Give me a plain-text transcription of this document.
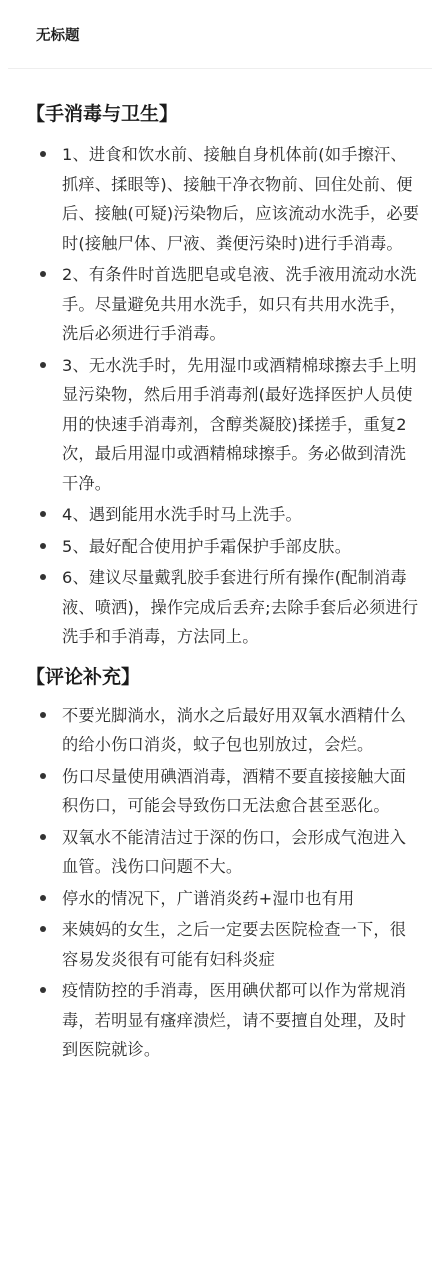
无标题
【手消毒与卫生】
1、进食和饮水前、接触自身机体前(如手擦汗、抓痒、揉眼等)、接触干净衣物前、回住处前、便后、接触(可疑)污染物后，应该流动水洗手，必要时(接触尸体、尸液、粪便污染时)进行手消毒。
2、有条件时首选肥皂或皂液、洗手液用流动水洗手。尽量避免共用水洗手，如只有共用水洗手，洗后必须进行手消毒。
3、无水洗手时，先用湿巾或酒精棉球擦去手上明显污染物，然后用手消毒剂(最好选择医护人员使用的快速手消毒剂，含醇类凝胶)揉搓手，重复2次，最后用湿巾或酒精棉球擦手。务必做到清洗干净。
4、遇到能用水洗手时马上洗手。
5、最好配合使用护手霜保护手部皮肤。
6、建议尽量戴乳胶手套进行所有操作(配制消毒液、喷洒)，操作完成后丢弃;去除手套后必须进行洗手和手消毒，方法同上。
【评论补充】
不要光脚淌水，淌水之后最好用双氧水酒精什么的给小伤口消炎，蚊子包也别放过，会烂。
伤口尽量使用碘酒消毒，酒精不要直接接触大面积伤口，可能会导致伤口无法愈合甚至恶化。
双氧水不能清洁过于深的伤口，会形成气泡进入血管。浅伤口问题不大。
停水的情况下，广谱消炎药+湿巾也有用
来姨妈的女生，之后一定要去医院检查一下，很容易发炎很有可能有妇科炎症
疫情防控的手消毒，医用碘伏都可以作为常规消毒，若明显有瘙痒溃烂，请不要擅自处理，及时到医院就诊。
